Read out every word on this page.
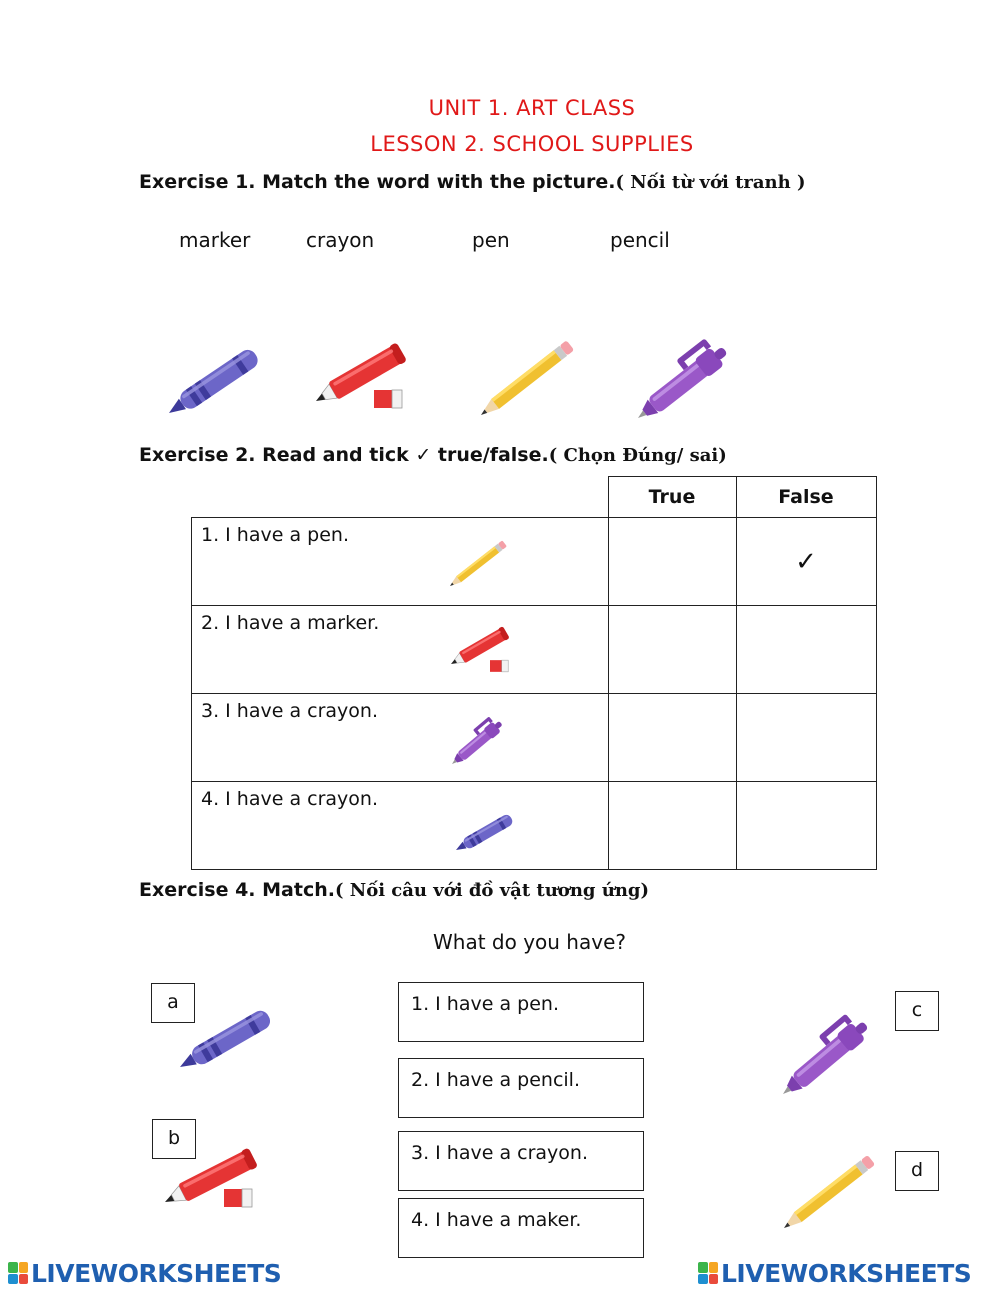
UNIT 1. ART CLASS
LESSON 2. SCHOOL SUPPLIES
Exercise 1. Match the word with the picture.( Nối từ với tranh )
marker	crayon	pen	pencil
Exercise 2. Read and tick ✓ true/false.( Chọn Đúng/ sai)
	True	False
1. I have a pen.		✓
2. I have a marker.

3. I have a crayon.

4. I have a crayon.

Exercise 4. Match.( Nối câu với đồ vật tương ứng)
What do you have?
1. I have a pen.
2. I have a pencil.
3. I have a crayon.
4. I have a maker.
a
b
c
d
LIVEWORKSHEETS	LIVEWORKSHEETS
